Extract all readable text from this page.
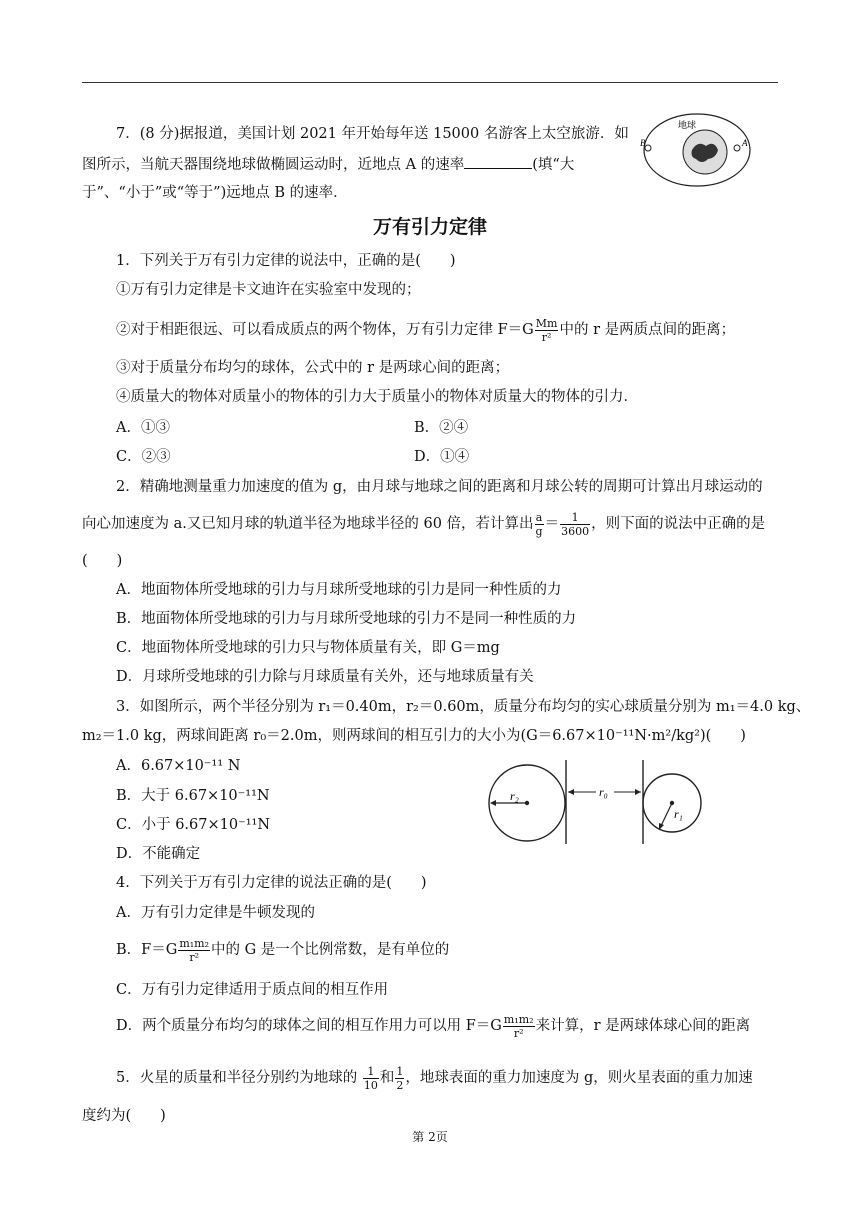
7．(8 分)据报道，美国计划 2021 年开始每年送 15000 名游客上太空旅游．如
图所示，当航天器围绕地球做椭圆运动时，近地点 A 的速率	(填“大
于”、“小于”或“等于”)远地点 B 的速率．
B	A
地球
万有引力定律
1．下列关于万有引力定律的说法中，正确的是(　　)
①万有引力定律是卡文迪许在实验室中发现的；
②对于相距很远、可以看成质点的两个物体，万有引力定律 $F=G \frac{Mm}{\text{r²}}$ 中的 r 是两质点间的距离；
③对于质量分布均匀的球体，公式中的 r 是两球心间的距离；
④质量大的物体对质量小的物体的引力大于质量小的物体对质量大的物体的引力．
A．①③	B．②④
C．②③	D．①④
2．精确地测量重力加速度的值为 g，由月球与地球之间的距离和月球公转的周期可计算出月球运动的
向心加速度为 a.又已知月球的轨道半径为地球半径的 60 倍，若计算出 $\frac{a}{g} = \frac{1}{3600}$ ，则下面的说法中正确的是
(　　)
A．地面物体所受地球的引力与月球所受地球的引力是同一种性质的力
B．地面物体所受地球的引力与月球所受地球的引力不是同一种性质的力
C．地面物体所受地球的引力只与物体质量有关，即 G＝mg
D．月球所受地球的引力除与月球质量有关外，还与地球质量有关
3．如图所示，两个半径分别为 r₁＝0.40m，r₂＝0.60m，质量分布均匀的实心球质量分别为 m₁＝4.0 kg、
m₂＝1.0 kg，两球间距离 r₀＝2.0m，则两球间的相互引力的大小为(G＝6.67×10⁻¹¹N·m²/kg²)(　　)
A．6.67×10⁻¹¹ N
B．大于 6.67×10⁻¹¹N
C．小于 6.67×10⁻¹¹N
D．不能确定
r₂	r₀
r₁
4．下列关于万有引力定律的说法正确的是(　　)
A．万有引力定律是牛顿发现的
B．$F=G \frac{\text{m₁m₂}}{\text{r²}}$ 中的 G 是一个比例常数，是有单位的
C．万有引力定律适用于质点间的相互作用
D．两个质量分布均匀的球体之间的相互作用力可以用 $F=G \frac{\text{m₁m₂}}{\text{r²}}$ 来计算，r 是两球体球心间的距离
5．火星的质量和半径分别约为地球的 $\frac{1}{10}$ 和 $\frac{1}{2}$ ，地球表面的重力加速度为 g，则火星表面的重力加速
度约为(　　)
第 2页
